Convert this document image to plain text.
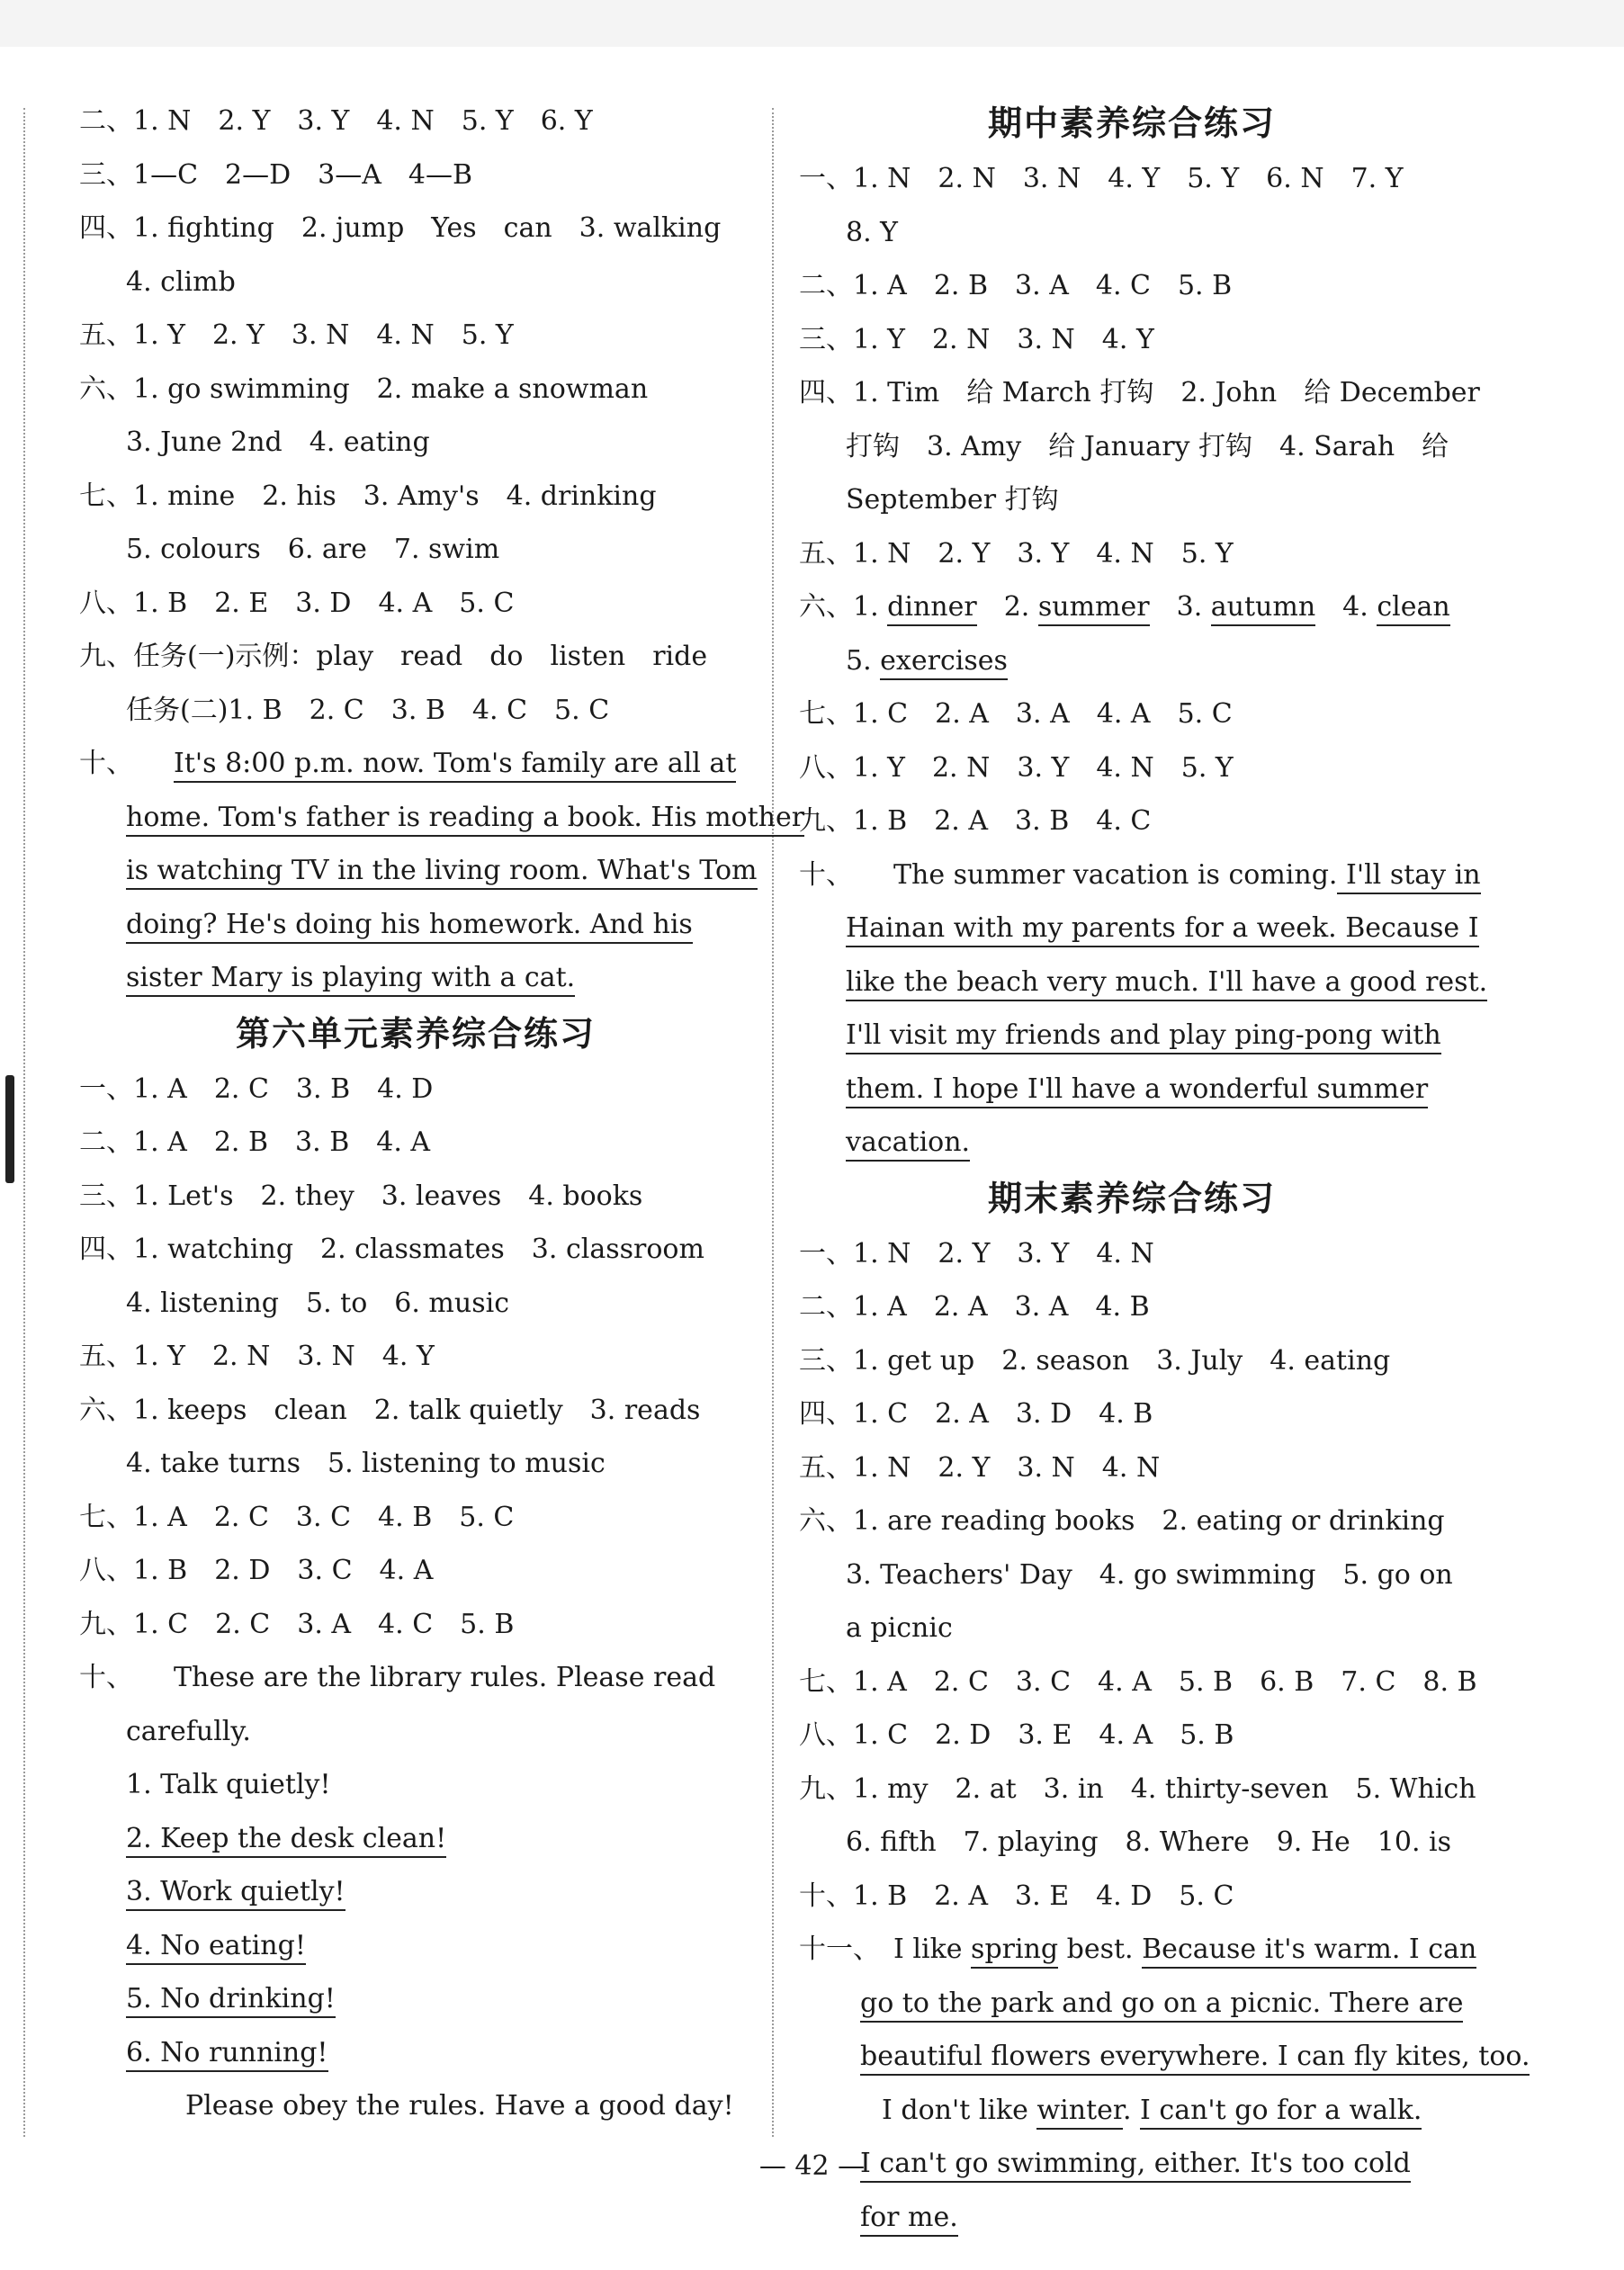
二、1. N　2. Y　3. Y　4. N　5. Y　6. Y
三、1—C　2—D　3—A　4—B
四、1. fighting　2. jump　Yes　can　3. walking
4. climb
五、1. Y　2. Y　3. N　4. N　5. Y
六、1. go swimming　2. make a snowman
3. June 2nd　4. eating
七、1. mine　2. his　3. Amy's　4. drinking
5. colours　6. are　7. swim
八、1. B　2. E　3. D　4. A　5. C
九、任务(一)示例：play　read　do　listen　ride
任务(二)1. B　2. C　3. B　4. C　5. C
十、　　 It's 8:00 p.m. now. Tom's family are all at
home. Tom's father is reading a book. His mother
is watching TV in the living room. What's Tom
doing? He's doing his homework. And his
sister Mary is playing with a cat.
第六单元素养综合练习
一、1. A　2. C　3. B　4. D
二、1. A　2. B　3. B　4. A
三、1. Let's　2. they　3. leaves　4. books
四、1. watching　2. classmates　3. classroom
4. listening　5. to　6. music
五、1. Y　2. N　3. N　4. Y
六、1. keeps　clean　2. talk quietly　3. reads
4. take turns　5. listening to music
七、1. A　2. C　3. C　4. B　5. C
八、1. B　2. D　3. C　4. A
九、1. C　2. C　3. A　4. C　5. B
十、　　These are the library rules. Please read
carefully.
1. Talk quietly!
2. Keep the desk clean!
3. Work quietly!
4. No eating!
5. No drinking!
6. No running!
Please obey the rules. Have a good day!
期中素养综合练习
一、1. N　2. N　3. N　4. Y　5. Y　6. N　7. Y
8. Y
二、1. A　2. B　3. A　4. C　5. B
三、1. Y　2. N　3. N　4. Y
四、1. Tim　给 March 打钩　2. John　给 December
打钩　3. Amy　给 January 打钩　4. Sarah　给
September 打钩
五、1. N　2. Y　3. Y　4. N　5. Y
六、1. dinner　2. summer　3. autumn　4. clean
5. exercises
七、1. C　2. A　3. A　4. A　5. C
八、1. Y　2. N　3. Y　4. N　5. Y
九、1. B　2. A　3. B　4. C
十、　　The summer vacation is coming. I'll stay in
Hainan with my parents for a week. Because I
like the beach very much. I'll have a good rest.
I'll visit my friends and play ping-pong with
them. I hope I'll have a wonderful summer
vacation.
期末素养综合练习
一、1. N　2. Y　3. Y　4. N
二、1. A　2. A　3. A　4. B
三、1. get up　2. season　3. July　4. eating
四、1. C　2. A　3. D　4. B
五、1. N　2. Y　3. N　4. N
六、1. are reading books　2. eating or drinking
3. Teachers' Day　4. go swimming　5. go on
a picnic
七、1. A　2. C　3. C　4. A　5. B　6. B　7. C　8. B
八、1. C　2. D　3. E　4. A　5. B
九、1. my　2. at　3. in　4. thirty-seven　5. Which
6. fifth　7. playing　8. Where　9. He　10. is
十、1. B　2. A　3. E　4. D　5. C
十一、　I like spring best. Because it's warm. I can
go to the park and go on a picnic. There are
beautiful flowers everywhere. I can fly kites, too.
I don't like winter. I can't go for a walk.
I can't go swimming, either. It's too cold
for me.
— 42 —
